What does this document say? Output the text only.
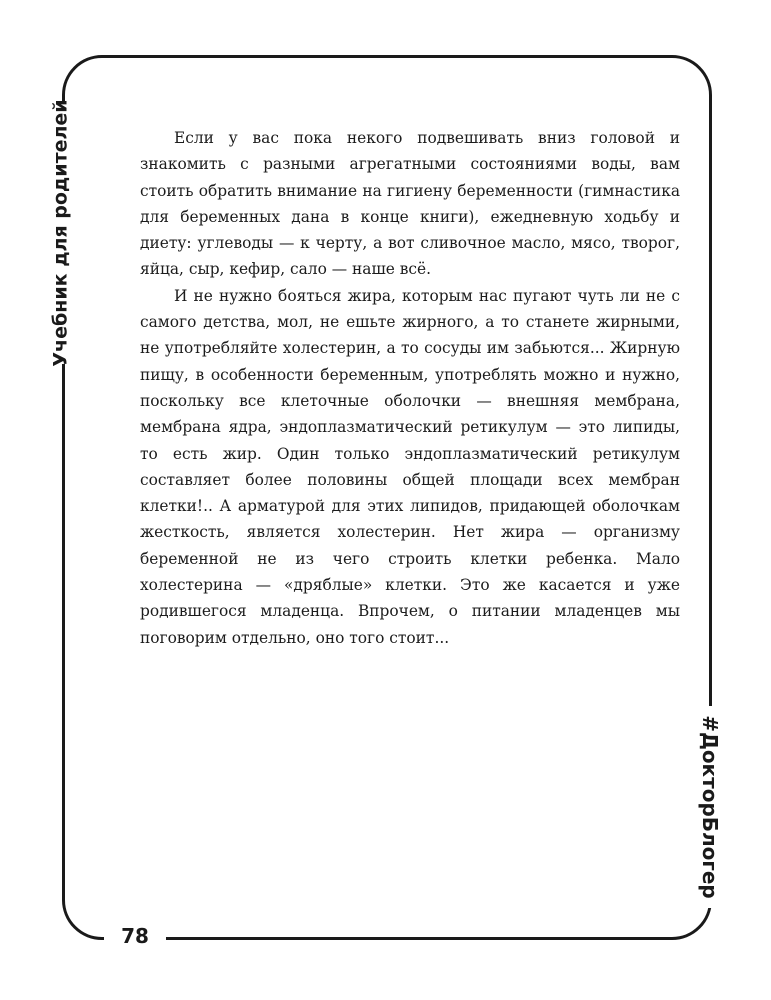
Учебник для родителей
#ДокторБлогер
78

Если у вас пока некого подвешивать вниз головой и знакомить с разными агрегатными состояниями воды, вам стоить обратить внимание на гигиену беременности (гимнастика для беременных дана в конце книги), ежедневную ходьбу и диету: углеводы — к черту, а вот сливочное масло, мясо, творог, яйца, сыр, кефир, сало — наше всё.

И не нужно бояться жира, которым нас пугают чуть ли не с самого детства, мол, не ешьте жирного, а то станете жирными, не употребляйте холестерин, а то сосуды им забьются... Жирную пищу, в особенности беременным, употреблять можно и нужно, поскольку все клеточные оболочки — внешняя мембрана, мембрана ядра, эндоплазматический ретикулум — это липиды, то есть жир. Один только эндоплазматический ретикулум составляет более половины общей площади всех мембран клетки!.. А арматурой для этих липидов, придающей оболочкам жесткость, является холестерин. Нет жира — организму беременной не из чего строить клетки ребенка. Мало холестерина — «дряблые» клетки. Это же касается и уже родившегося младенца. Впрочем, о питании младенцев мы поговорим отдельно, оно того стоит...
